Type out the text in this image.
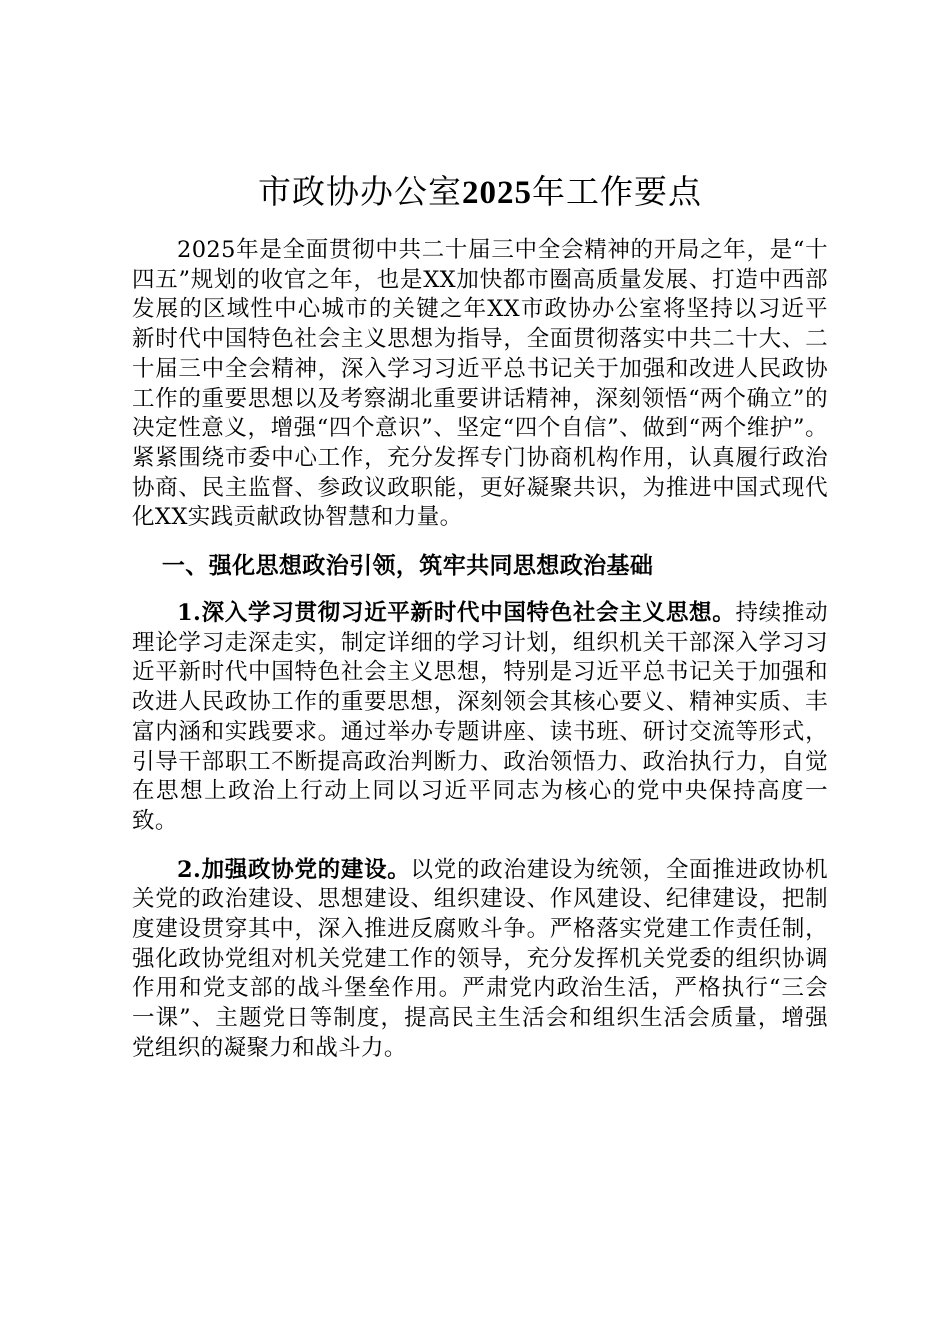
市政协办公室2025年工作要点

2025年是全面贯彻中共二十届三中全会精神的开局之年，是“十四五”规划的收官之年，也是XX加快都市圈高质量发展、打造中西部发展的区域性中心城市的关键之年XX市政协办公室将坚持以习近平新时代中国特色社会主义思想为指导，全面贯彻落实中共二十大、二十届三中全会精神，深入学习习近平总书记关于加强和改进人民政协工作的重要思想以及考察湖北重要讲话精神，深刻领悟“两个确立”的决定性意义，增强“四个意识”、坚定“四个自信”、做到“两个维护”。紧紧围绕市委中心工作，充分发挥专门协商机构作用，认真履行政治协商、民主监督、参政议政职能，更好凝聚共识，为推进中国式现代化XX实践贡献政协智慧和力量。

一、强化思想政治引领，筑牢共同思想政治基础

1.深入学习贯彻习近平新时代中国特色社会主义思想。持续推动理论学习走深走实，制定详细的学习计划，组织机关干部深入学习习近平新时代中国特色社会主义思想，特别是习近平总书记关于加强和改进人民政协工作的重要思想，深刻领会其核心要义、精神实质、丰富内涵和实践要求。通过举办专题讲座、读书班、研讨交流等形式，引导干部职工不断提高政治判断力、政治领悟力、政治执行力，自觉在思想上政治上行动上同以习近平同志为核心的党中央保持高度一致。

2.加强政协党的建设。以党的政治建设为统领，全面推进政协机关党的政治建设、思想建设、组织建设、作风建设、纪律建设，把制度建设贯穿其中，深入推进反腐败斗争。严格落实党建工作责任制，强化政协党组对机关党建工作的领导，充分发挥机关党委的组织协调作用和党支部的战斗堡垒作用。严肃党内政治生活，严格执行“三会一课”、主题党日等制度，提高民主生活会和组织生活会质量，增强党组织的凝聚力和战斗力。
